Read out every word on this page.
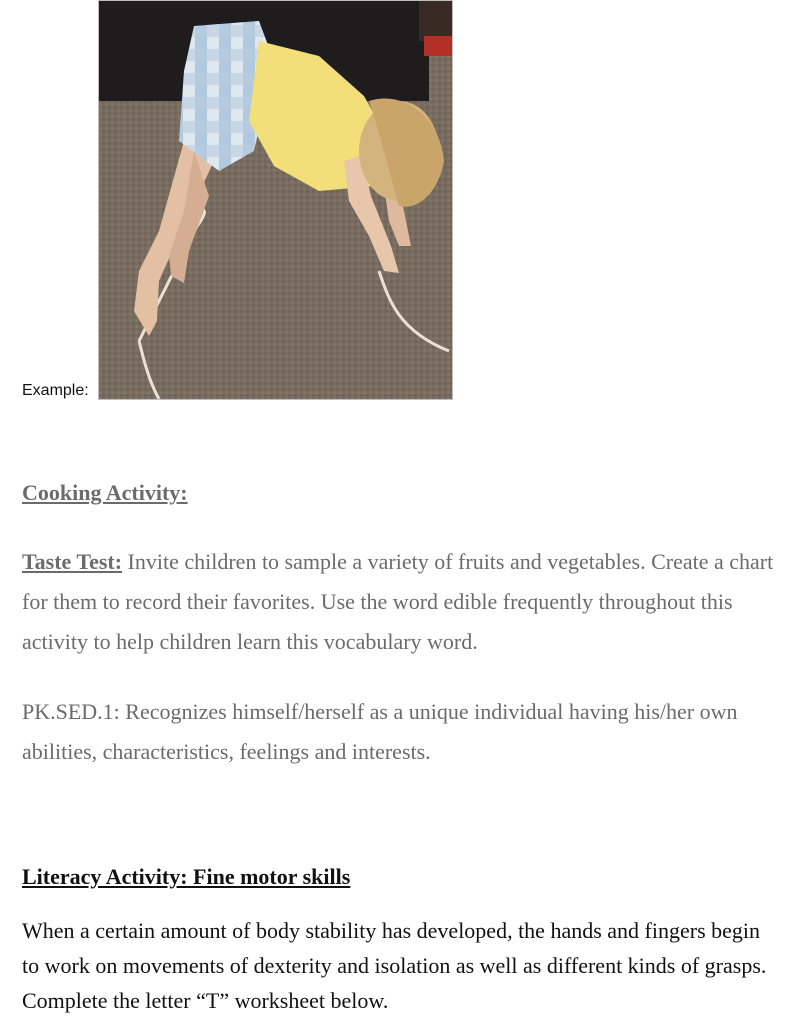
Example:
Cooking Activity:

Taste Test: Invite children to sample a variety of fruits and vegetables. Create a chart for them to record their favorites. Use the word edible frequently throughout this activity to help children learn this vocabulary word.

PK.SED.1: Recognizes himself/herself as a unique individual having his/her own abilities, characteristics, feelings and interests.

Literacy Activity: Fine motor skills

When a certain amount of body stability has developed, the hands and fingers begin to work on movements of dexterity and isolation as well as different kinds of grasps. Complete the letter “T” worksheet below.
